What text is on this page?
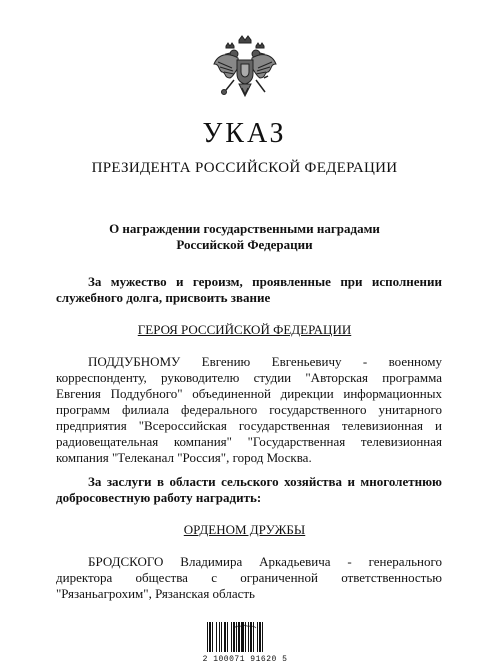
УКАЗ
ПРЕЗИДЕНТА РОССИЙСКОЙ ФЕДЕРАЦИИ
О награждении государственными наградами
Российской Федерации
За мужество и героизм, проявленные при исполнении служебного долга, присвоить звание
ГЕРОЯ РОССИЙСКОЙ ФЕДЕРАЦИИ
ПОДДУБНОМУ Евгению Евгеньевичу - военному корреспонденту, руководителю студии "Авторская программа Евгения Поддубного" объединенной дирекции информационных программ филиала федерального государственного унитарного предприятия "Всероссийская государственная телевизионная и радиовещательная компания" "Государственная телевизионная компания "Телеканал "Россия", город Москва.
За заслуги в области сельского хозяйства и многолетнюю добросовестную работу наградить:
ОРДЕНОМ ДРУЖБЫ
БРОДСКОГО Владимира Аркадьевича - генерального директора общества с ограниченной ответственностью "Рязаньагрохим", Рязанская область
2 100071 91620 5
